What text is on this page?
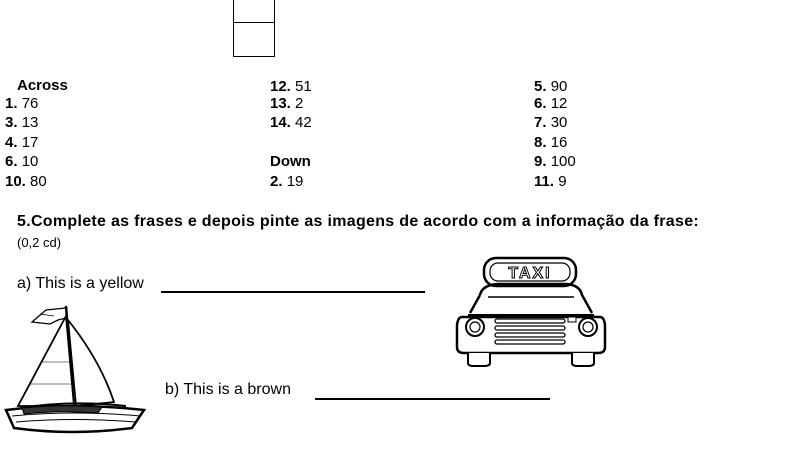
Across
1. 76
3. 13
4. 17
6. 10
10. 80
12. 51
13. 2
14. 42
Down
2. 19
5. 90
6. 12
7. 30
8. 16
9. 100
11. 9
5.Complete as frases e depois pinte as imagens de acordo com a informação da frase:
(0,2 cd)
a) This is a yellow
b) This is a brown
TAXI
